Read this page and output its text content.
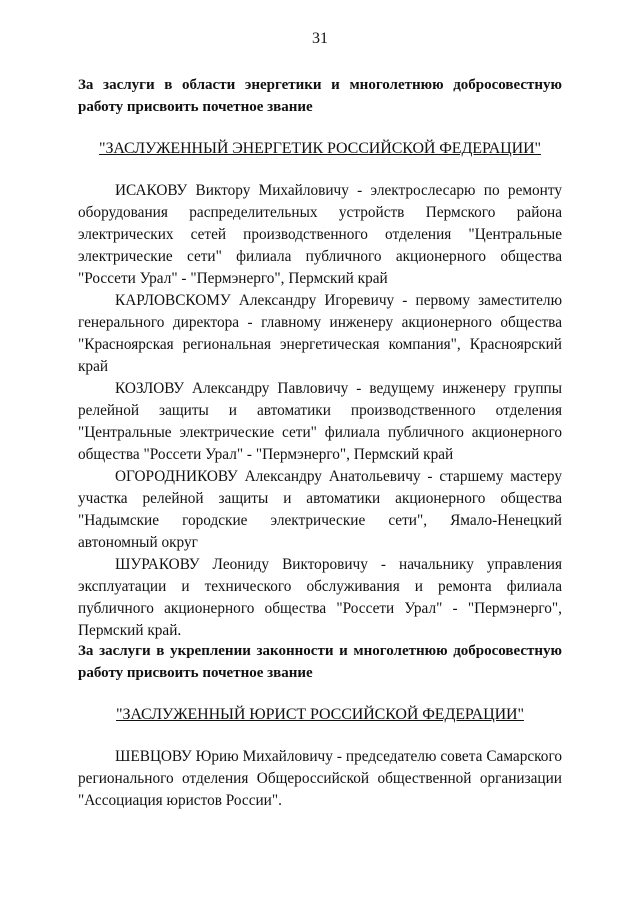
31

За заслуги в области энергетики и многолетнюю добросовестную работу присвоить почетное звание

"ЗАСЛУЖЕННЫЙ ЭНЕРГЕТИК РОССИЙСКОЙ ФЕДЕРАЦИИ"

ИСАКОВУ Виктору Михайловичу - электрослесарю по ремонту оборудования распределительных устройств Пермского района электрических сетей производственного отделения "Центральные электрические сети" филиала публичного акционерного общества "Россети Урал" - "Пермэнерго", Пермский край

КАРЛОВСКОМУ Александру Игоревичу - первому заместителю генерального директора - главному инженеру акционерного общества "Красноярская региональная энергетическая компания", Красноярский край

КОЗЛОВУ Александру Павловичу - ведущему инженеру группы релейной защиты и автоматики производственного отделения "Центральные электрические сети" филиала публичного акционерного общества "Россети Урал" - "Пермэнерго", Пермский край

ОГОРОДНИКОВУ Александру Анатольевичу - старшему мастеру участка релейной защиты и автоматики акционерного общества "Надымские городские электрические сети", Ямало-Ненецкий автономный округ

ШУРАКОВУ Леониду Викторовичу - начальнику управления эксплуатации и технического обслуживания и ремонта филиала публичного акционерного общества "Россети Урал" - "Пермэнерго", Пермский край.

За заслуги в укреплении законности и многолетнюю добросовестную работу присвоить почетное звание

"ЗАСЛУЖЕННЫЙ ЮРИСТ РОССИЙСКОЙ ФЕДЕРАЦИИ"

ШЕВЦОВУ Юрию Михайловичу - председателю совета Самарского регионального отделения Общероссийской общественной организации "Ассоциация юристов России".
